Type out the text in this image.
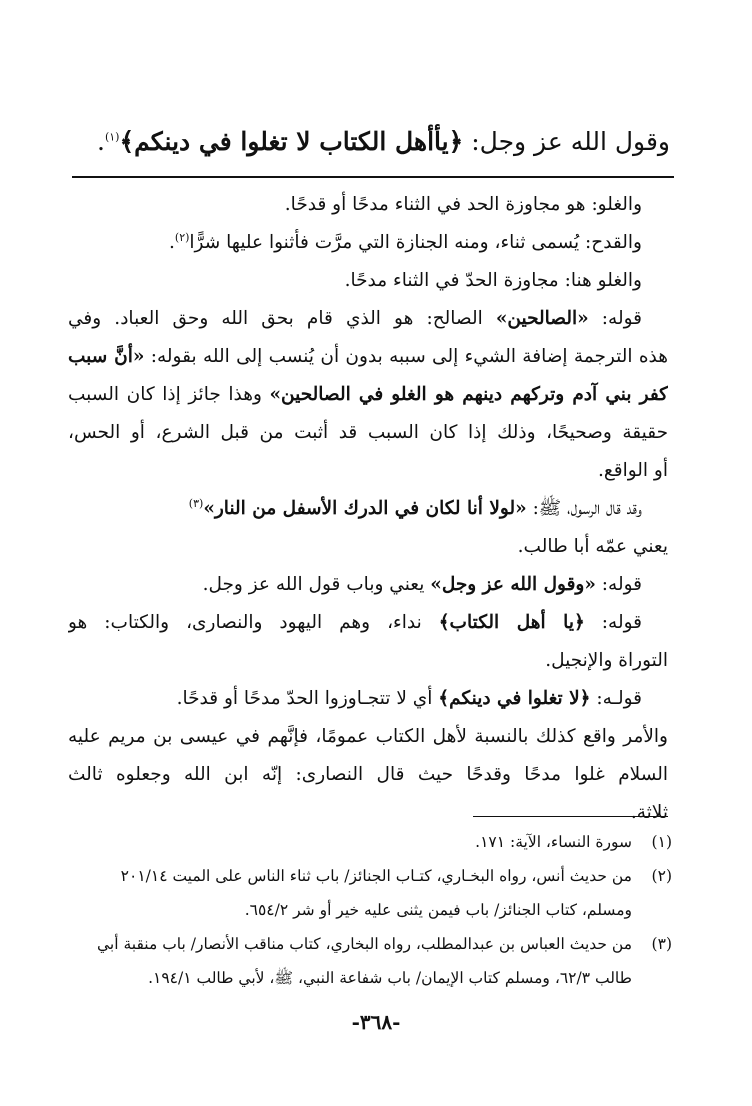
وقول الله عز وجل: ﴿يأأهل الكتاب لا تغلوا في دينكم﴾$^{(١)}$.
والغلو: هو مجاوزة الحد في الثناء مدحًا أو قدحًا.
والقدح: يُسمى ثناء، ومنه الجنازة التي مرَّت فأثنوا عليها شرًّا$^{(٢)}$.
والغلو هنا: مجاوزة الحدّ في الثناء مدحًا.
قوله: «الصالحين» الصالح: هو الذي قام بحق الله وحق العباد. وفي
هذه الترجمة إضافة الشيء إلى سببه بدون أن يُنسب إلى الله بقوله: «أنَّ سبب
كفر بني آدم وتركهم دينهم هو الغلو في الصالحين» وهذا جائز إذا كان السبب
حقيقة وصحيحًا، وذلك إذا كان السبب قد أثبت من قبل الشرع، أو الحس،
أو الواقع.
وقد قال الرسول، ﷺ: «لولا أنا لكان في الدرك الأسفل من النار»$^{(٣)}$
يعني عمّه أبا طالب.
قوله: «وقول الله عز وجل» يعني وباب قول الله عز وجل.
قوله: ﴿يا أهل الكتاب﴾ نداء، وهم اليهود والنصارى، والكتاب: هو
التوراة والإنجيل.
قولـه: ﴿لا تغلوا في دينكم﴾ أي لا تتجـاوزوا الحدّ مدحًا أو قدحًا.
والأمر واقع كذلك بالنسبة لأهل الكتاب عمومًا، فإنَّهم في عيسى بن مريم عليه
السلام غلوا مدحًا وقدحًا حيث قال النصارى: إنّه ابن الله وجعلوه ثالث
ثلاثة.
(١)سورة النساء، الآية: ١٧١.
(٢)من حديث أنس، رواه البخـاري، كتـاب الجنائز/ باب ثناء الناس على الميت ٢٠١/١٤
ومسلم، كتاب الجنائز/ باب فيمن يثنى عليه خير أو شر ٦٥٤/٢.
(٣)من حديث العباس بن عبدالمطلب، رواه البخاري، كتاب مناقب الأنصار/ باب منقبة أبي
طالب ٦٢/٣، ومسلم كتاب الإيمان/ باب شفاعة النبي، ﷺ، لأبي طالب ١٩٤/١.
-٣٦٨-
